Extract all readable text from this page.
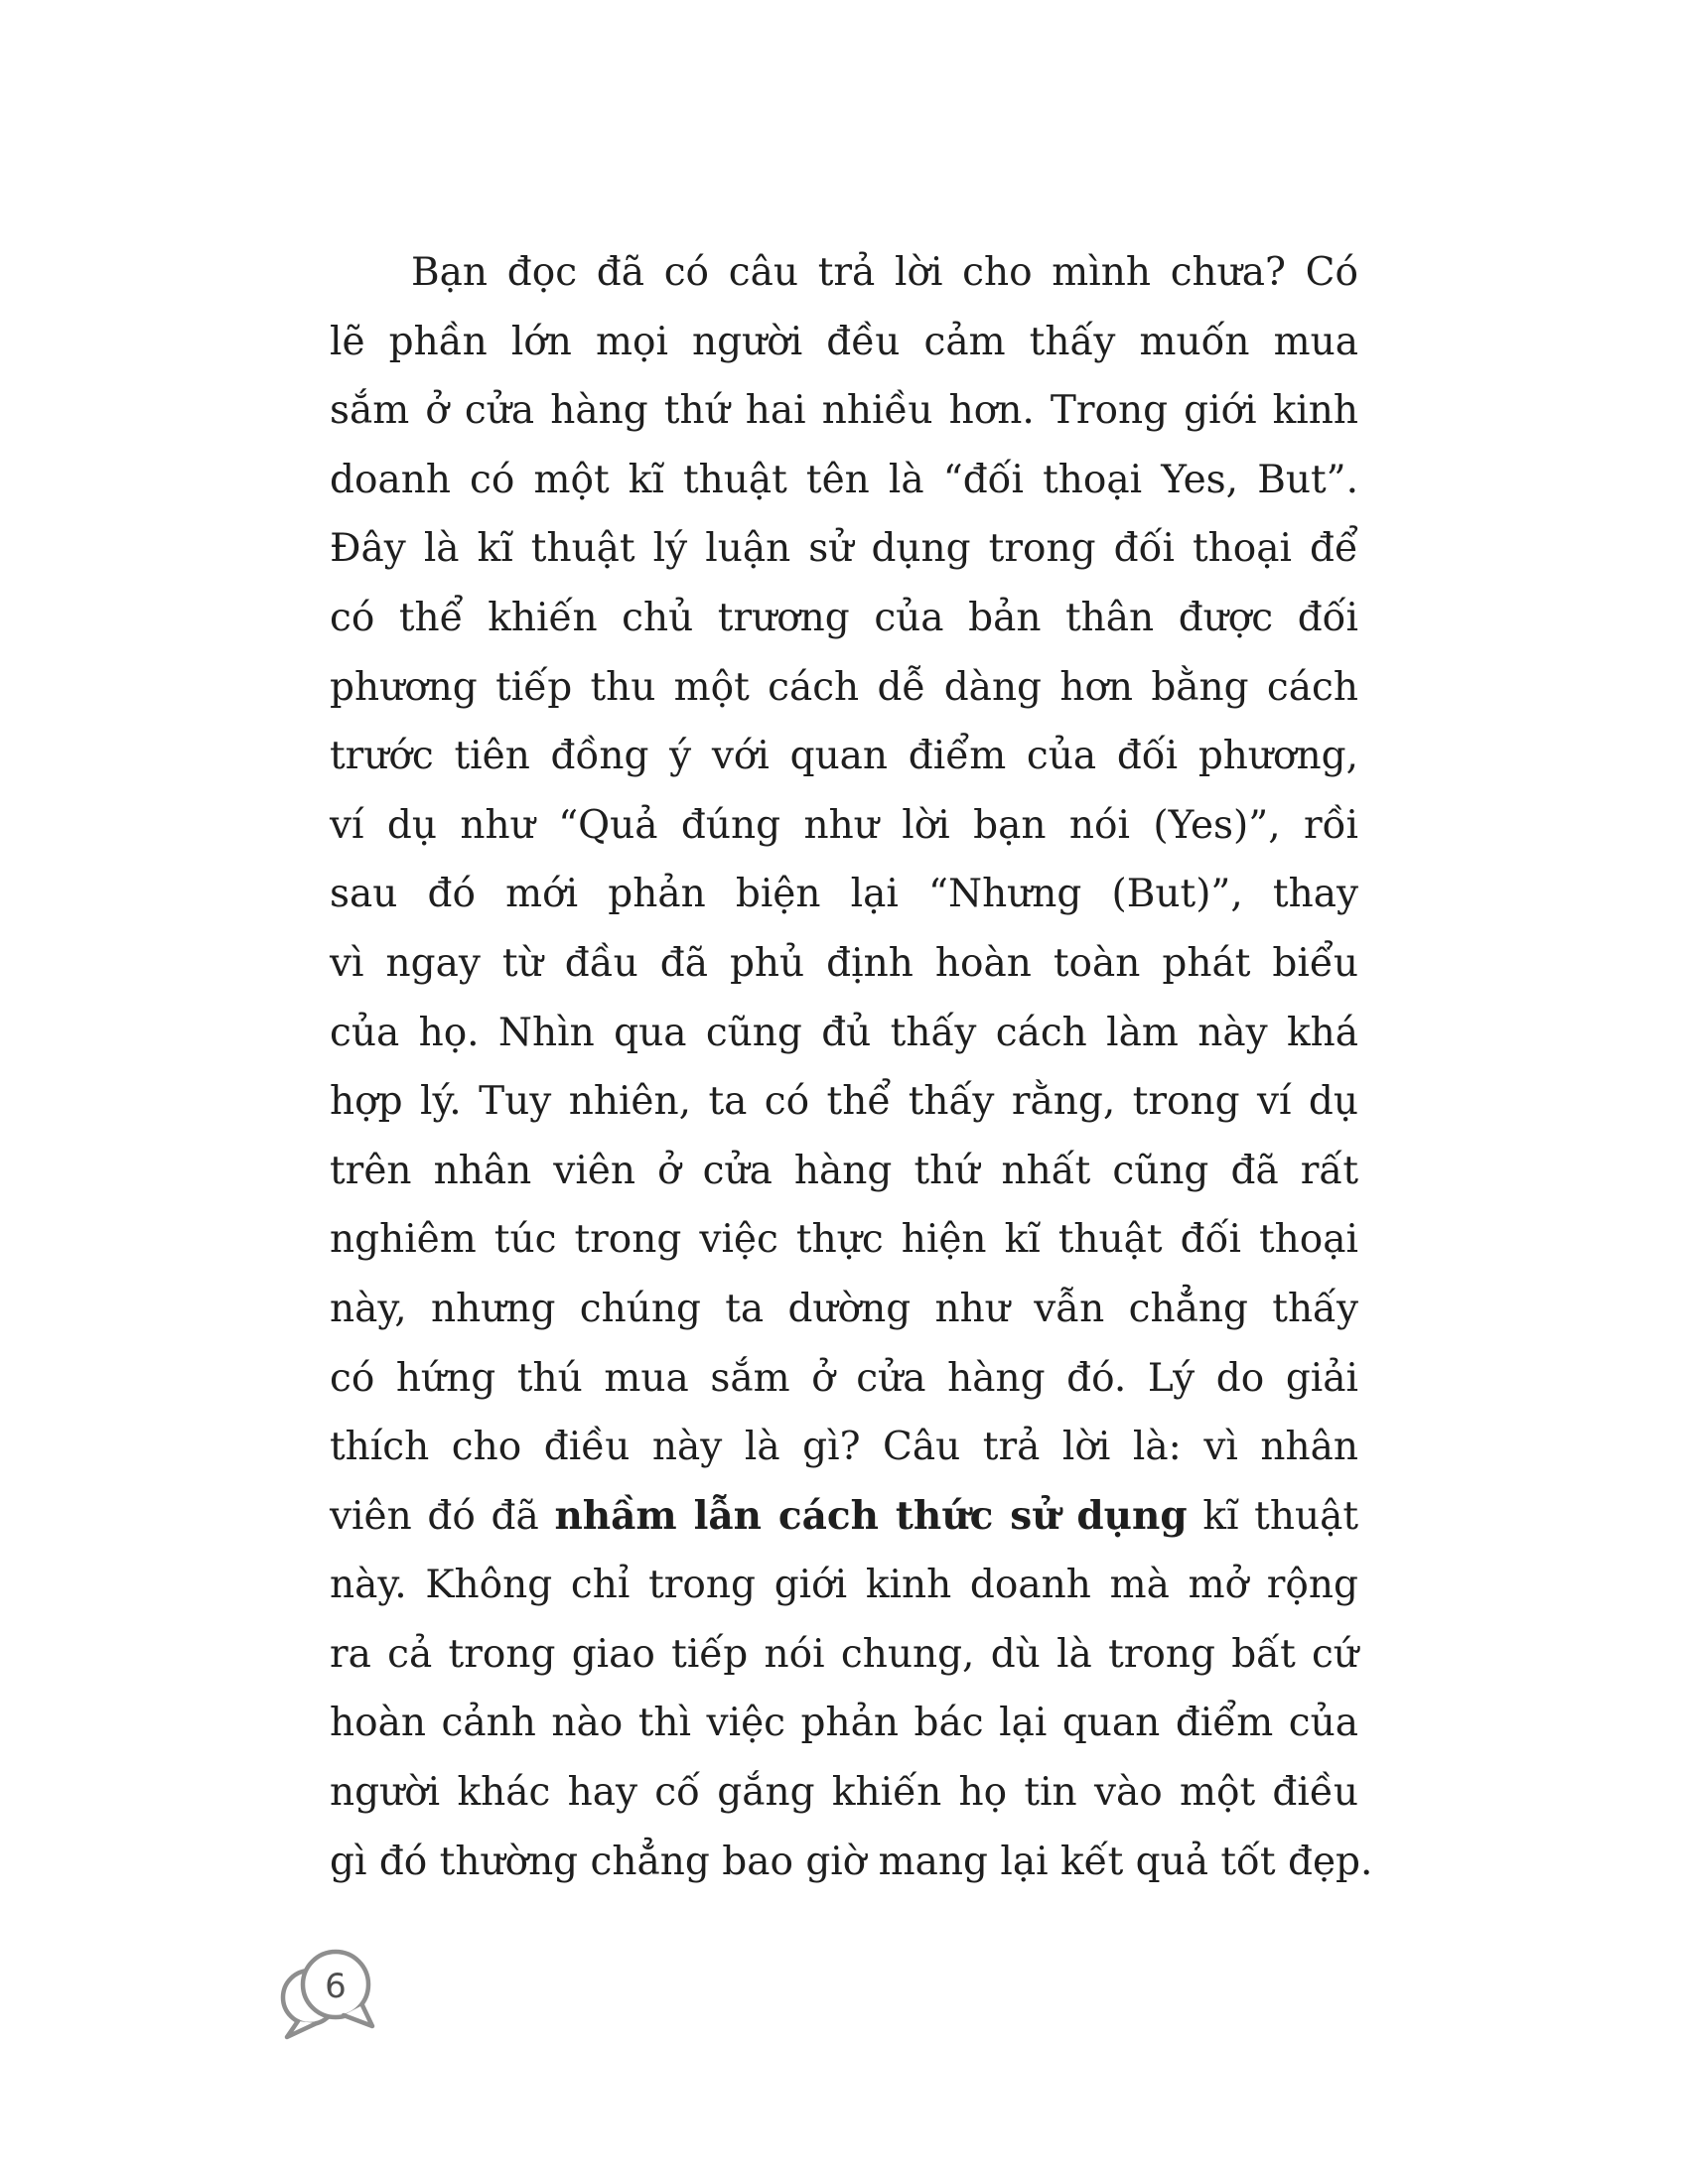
Bạn đọc đã có câu trả lời cho mình chưa? Có
lẽ phần lớn mọi người đều cảm thấy muốn mua
sắm ở cửa hàng thứ hai nhiều hơn. Trong giới kinh
doanh có một kĩ thuật tên là “đối thoại Yes, But”.
Đây là kĩ thuật lý luận sử dụng trong đối thoại để
có thể khiến chủ trương của bản thân được đối
phương tiếp thu một cách dễ dàng hơn bằng cách
trước tiên đồng ý với quan điểm của đối phương,
ví dụ như “Quả đúng như lời bạn nói (Yes)”, rồi
sau đó mới phản biện lại “Nhưng (But)”, thay
vì ngay từ đầu đã phủ định hoàn toàn phát biểu
của họ. Nhìn qua cũng đủ thấy cách làm này khá
hợp lý. Tuy nhiên, ta có thể thấy rằng, trong ví dụ
trên nhân viên ở cửa hàng thứ nhất cũng đã rất
nghiêm túc trong việc thực hiện kĩ thuật đối thoại
này, nhưng chúng ta dường như vẫn chẳng thấy
có hứng thú mua sắm ở cửa hàng đó. Lý do giải
thích cho điều này là gì? Câu trả lời là: vì nhân
viên đó đã nhầm lẫn cách thức sử dụng kĩ thuật
này. Không chỉ trong giới kinh doanh mà mở rộng
ra cả trong giao tiếp nói chung, dù là trong bất cứ
hoàn cảnh nào thì việc phản bác lại quan điểm của
người khác hay cố gắng khiến họ tin vào một điều
gì đó thường chẳng bao giờ mang lại kết quả tốt đẹp.
6
